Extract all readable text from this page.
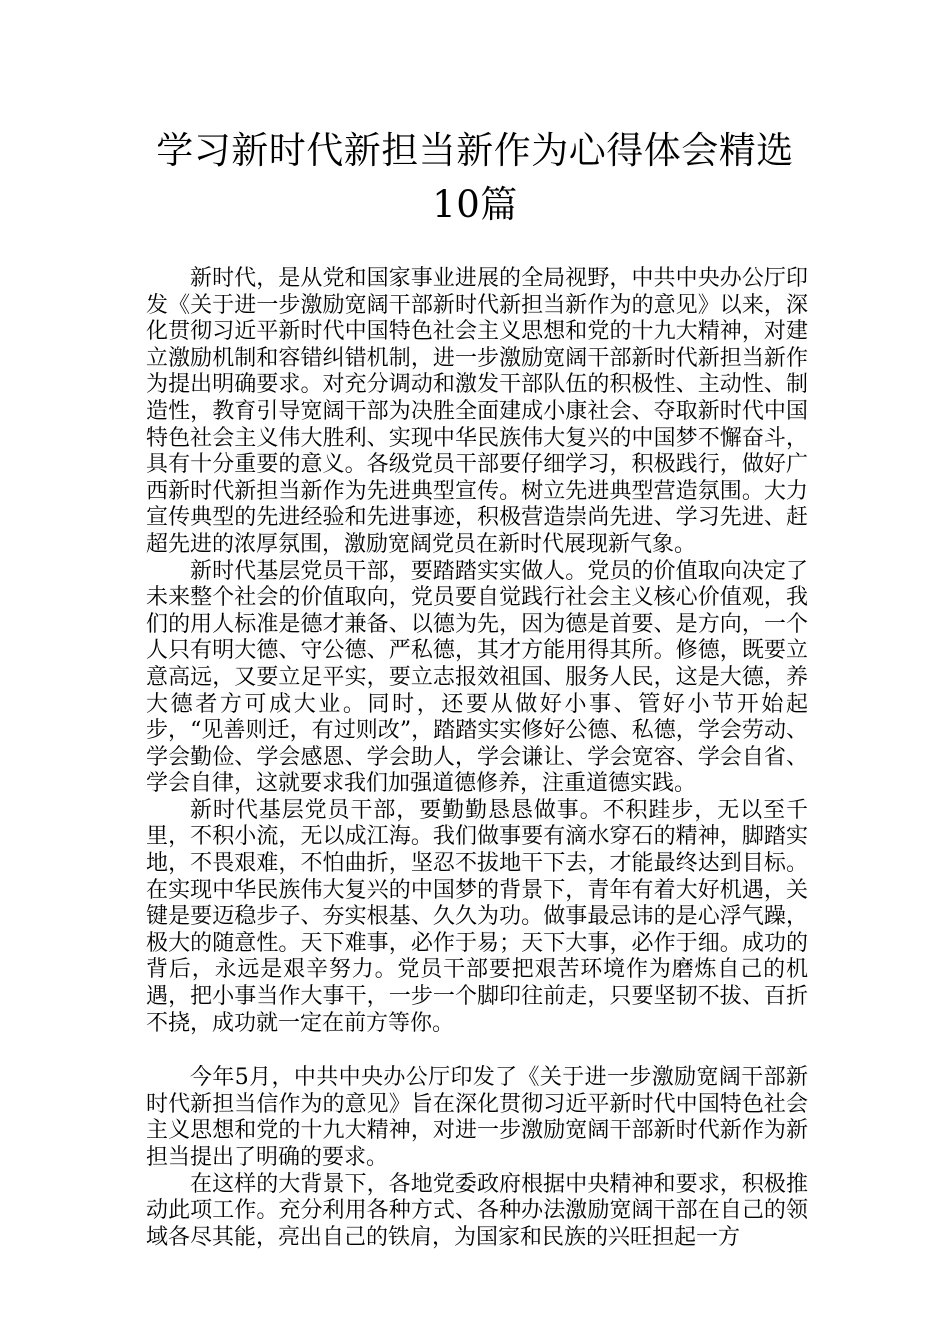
学习新时代新担当新作为心得体会精选10篇

新时代，是从党和国家事业进展的全局视野，中共中央办公厅印发《关于进一步激励宽阔干部新时代新担当新作为的意见》以来，深化贯彻习近平新时代中国特色社会主义思想和党的十九大精神，对建立激励机制和容错纠错机制，进一步激励宽阔干部新时代新担当新作为提出明确要求。对充分调动和激发干部队伍的积极性、主动性、制造性，教育引导宽阔干部为决胜全面建成小康社会、夺取新时代中国特色社会主义伟大胜利、实现中华民族伟大复兴的中国梦不懈奋斗，具有十分重要的意义。各级党员干部要仔细学习，积极践行，做好广西新时代新担当新作为先进典型宣传。树立先进典型营造氛围。大力宣传典型的先进经验和先进事迹，积极营造崇尚先进、学习先进、赶超先进的浓厚氛围，激励宽阔党员在新时代展现新气象。

新时代基层党员干部，要踏踏实实做人。党员的价值取向决定了未来整个社会的价值取向，党员要自觉践行社会主义核心价值观，我们的用人标准是德才兼备、以德为先，因为德是首要、是方向，一个人只有明大德、守公德、严私德，其才方能用得其所。修德，既要立意高远，又要立足平实，要立志报效祖国、服务人民，这是大德，养大德者方可成大业。同时，还要从做好小事、管好小节开始起步，“见善则迁，有过则改”，踏踏实实修好公德、私德，学会劳动、学会勤俭、学会感恩、学会助人，学会谦让、学会宽容、学会自省、学会自律，这就要求我们加强道德修养，注重道德实践。

新时代基层党员干部，要勤勤恳恳做事。不积跬步，无以至千里，不积小流，无以成江海。我们做事要有滴水穿石的精神，脚踏实地，不畏艰难，不怕曲折，坚忍不拔地干下去，才能最终达到目标。在实现中华民族伟大复兴的中国梦的背景下，青年有着大好机遇，关键是要迈稳步子、夯实根基、久久为功。做事最忌讳的是心浮气躁，极大的随意性。天下难事，必作于易；天下大事，必作于细。成功的背后，永远是艰辛努力。党员干部要把艰苦环境作为磨炼自己的机遇，把小事当作大事干，一步一个脚印往前走，只要坚韧不拔、百折不挠，成功就一定在前方等你。

今年5月，中共中央办公厅印发了《关于进一步激励宽阔干部新时代新担当信作为的意见》旨在深化贯彻习近平新时代中国特色社会主义思想和党的十九大精神，对进一步激励宽阔干部新时代新作为新担当提出了明确的要求。

在这样的大背景下，各地党委政府根据中央精神和要求，积极推动此项工作。充分利用各种方式、各种办法激励宽阔干部在自己的领域各尽其能，亮出自己的铁肩，为国家和民族的兴旺担起一方
